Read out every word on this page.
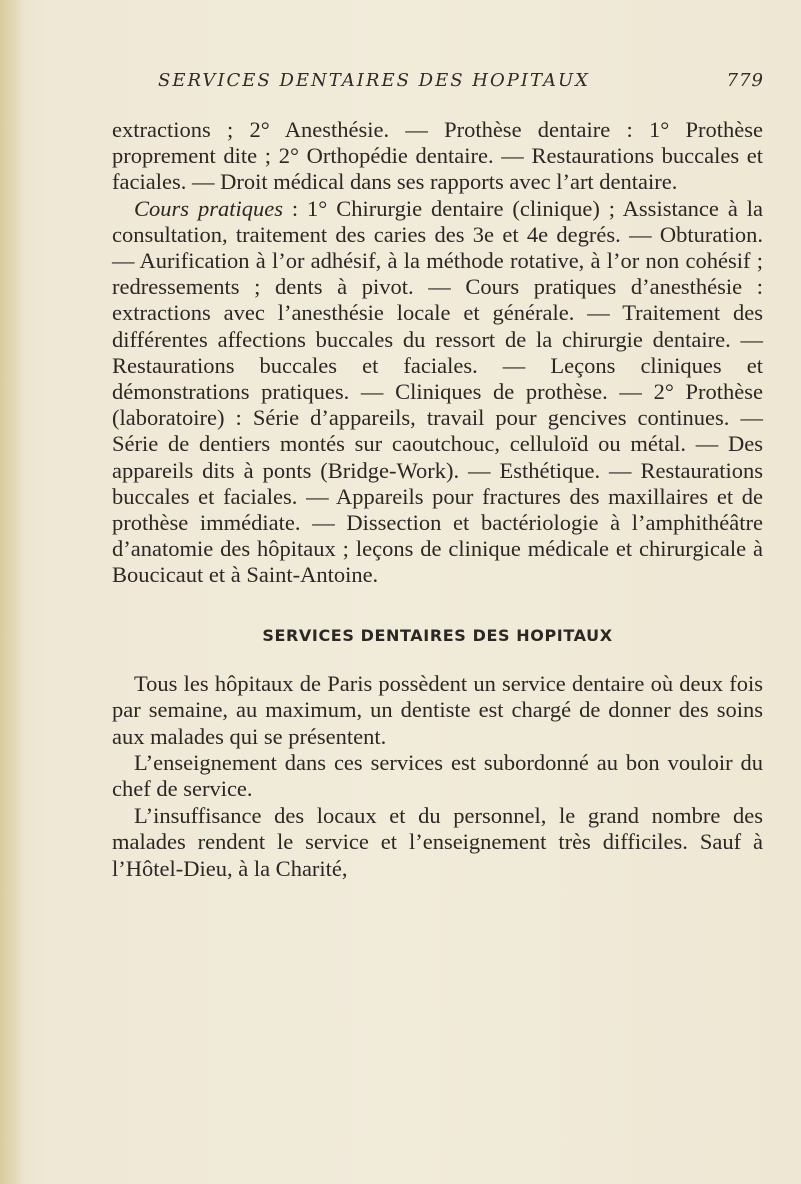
SERVICES DENTAIRES DES HOPITAUX	779

extractions ; 2° Anesthésie. — Prothèse dentaire : 1° Prothèse proprement dite ; 2° Orthopédie dentaire. — Restaurations buccales et faciales. — Droit médical dans ses rapports avec l’art dentaire.

Cours pratiques : 1° Chirurgie dentaire (clinique) ; Assistance à la consultation, traitement des caries des 3e et 4e degrés. — Obturation. — Aurification à l’or adhésif, à la méthode rotative, à l’or non cohésif ; redressements ; dents à pivot. — Cours pratiques d’anesthésie : extractions avec l’anesthésie locale et générale. — Traitement des différentes affections buccales du ressort de la chirurgie dentaire. — Restaurations buccales et faciales. — Leçons cliniques et démonstrations pratiques. — Cliniques de prothèse. — 2° Prothèse (laboratoire) : Série d’appareils, travail pour gencives continues. — Série de dentiers montés sur caoutchouc, celluloïd ou métal. — Des appareils dits à ponts (Bridge-Work). — Esthétique. — Restaurations buccales et faciales. — Appareils pour fractures des maxillaires et de prothèse immédiate. — Dissection et bactériologie à l’amphithéâtre d’anatomie des hôpitaux ; leçons de clinique médicale et chirurgicale à Boucicaut et à Saint-Antoine.

SERVICES DENTAIRES DES HOPITAUX

Tous les hôpitaux de Paris possèdent un service dentaire où deux fois par semaine, au maximum, un dentiste est chargé de donner des soins aux malades qui se présentent.

L’enseignement dans ces services est subordonné au bon vouloir du chef de service.

L’insuffisance des locaux et du personnel, le grand nombre des malades rendent le service et l’enseignement très difficiles. Sauf à l’Hôtel-Dieu, à la Charité,
